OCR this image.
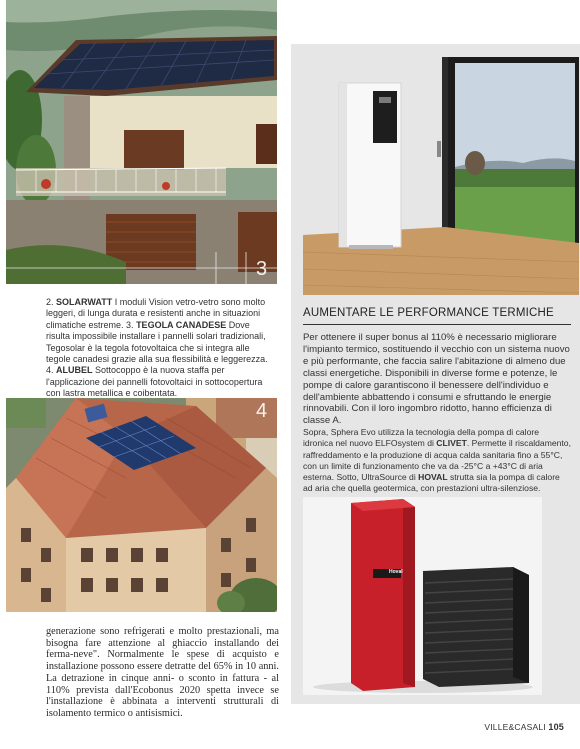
3
2. SOLARWATT I moduli Vision vetro-vetro sono molto leggeri, di lunga durata e resistenti anche in situazioni climatiche estreme. 3. TEGOLA CANADESE Dove risulta impossibile installare i pannelli solari tradizionali, Tegosolar è la tegola fotovoltaica che si integra alle tegole canadesi grazie alla sua flessibilità e leggerezza. 4. ALUBEL Sottocoppo è la nuova staffa per l'applicazione dei pannelli fotovoltaici in sottocopertura con lastra metallica e coibentata.
4
generazione sono refrigerati e molto prestazionali, ma bisogna fare attenzione al ghiaccio installando dei ferma-neve". Normalmente le spese di acquisto e installazione possono essere detratte del 65% in 10 anni. La detrazione in cinque anni- o sconto in fattura - al 110% prevista dall'Ecobonus 2020 spetta invece se l'installazione è abbinata a interventi strutturali di isolamento termico o antisismici.
AUMENTARE LE PERFORMANCE TERMICHE
Per ottenere il super bonus al 110% è necessario migliorare l'impianto termico, sostituendo il vecchio con un sistema nuovo e più performante, che faccia salire l'abitazione di almeno due classi energetiche. Disponibili in diverse forme e potenze, le pompe di calore garantiscono il benessere dell'individuo e dell'ambiente abbattendo i consumi e sfruttando le energie rinnovabili. Con il loro ingombro ridotto, hanno efficienza di classe A.
Sopra, Sphera Evo utilizza la tecnologia della pompa di calore idronica nel nuovo ELFOsystem di CLIVET. Permette il riscaldamento, raffreddamento e la produzione di acqua calda sanitaria fino a 55°C, con un limite di funzionamento che va da -25°C a +43°C di aria esterna. Sotto, UltraSource di HOVAL strutta sia la pompa di calore ad aria che quella geotermica, con prestazioni ultra-silenziose.
Hoval
VILLE&CASALI 105
